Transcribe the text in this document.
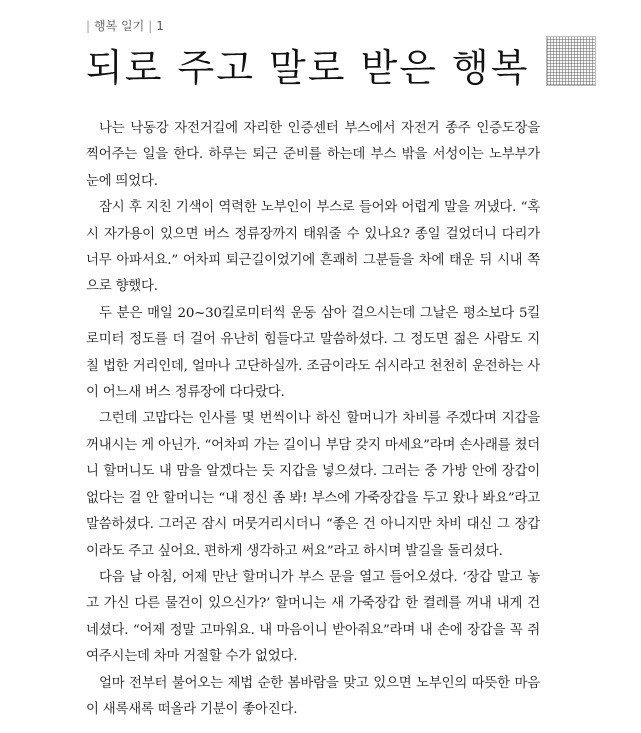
| 행복 일기 | 1
되로 주고 말로 받은 행복

나는 낙동강 자전거길에 자리한 인증센터 부스에서 자전거 종주 인증도장을 찍어주는 일을 한다. 하루는 퇴근 준비를 하는데 부스 밖을 서성이는 노부부가 눈에 띄었다.

잠시 후 지친 기색이 역력한 노부인이 부스로 들어와 어렵게 말을 꺼냈다. “혹시 자가용이 있으면 버스 정류장까지 태워줄 수 있나요? 종일 걸었더니 다리가 너무 아파서요.” 어차피 퇴근길이었기에 흔쾌히 그분들을 차에 태운 뒤 시내 쪽으로 향했다.

두 분은 매일 20~30킬로미터씩 운동 삼아 걸으시는데 그날은 평소보다 5킬로미터 정도를 더 걸어 유난히 힘들다고 말씀하셨다. 그 정도면 젊은 사람도 지칠 법한 거리인데, 얼마나 고단하실까. 조금이라도 쉬시라고 천천히 운전하는 사이 어느새 버스 정류장에 다다랐다.

그런데 고맙다는 인사를 몇 번씩이나 하신 할머니가 차비를 주겠다며 지갑을 꺼내시는 게 아닌가. “어차피 가는 길이니 부담 갖지 마세요”라며 손사래를 쳤더니 할머니도 내 맘을 알겠다는 듯 지갑을 넣으셨다. 그러는 중 가방 안에 장갑이 없다는 걸 안 할머니는 “내 정신 좀 봐! 부스에 가죽장갑을 두고 왔나 봐요”라고 말씀하셨다. 그러곤 잠시 머뭇거리시더니 “좋은 건 아니지만 차비 대신 그 장갑이라도 주고 싶어요. 편하게 생각하고 써요”라고 하시며 발길을 돌리셨다.

다음 날 아침, 어제 만난 할머니가 부스 문을 열고 들어오셨다. ‘장갑 말고 놓고 가신 다른 물건이 있으신가?’ 할머니는 새 가죽장갑 한 켤레를 꺼내 내게 건네셨다. “어제 정말 고마워요. 내 마음이니 받아줘요”라며 내 손에 장갑을 꼭 쥐여주시는데 차마 거절할 수가 없었다.

얼마 전부터 불어오는 제법 순한 봄바람을 맞고 있으면 노부인의 따뜻한 마음이 새록새록 떠올라 기분이 좋아진다.
